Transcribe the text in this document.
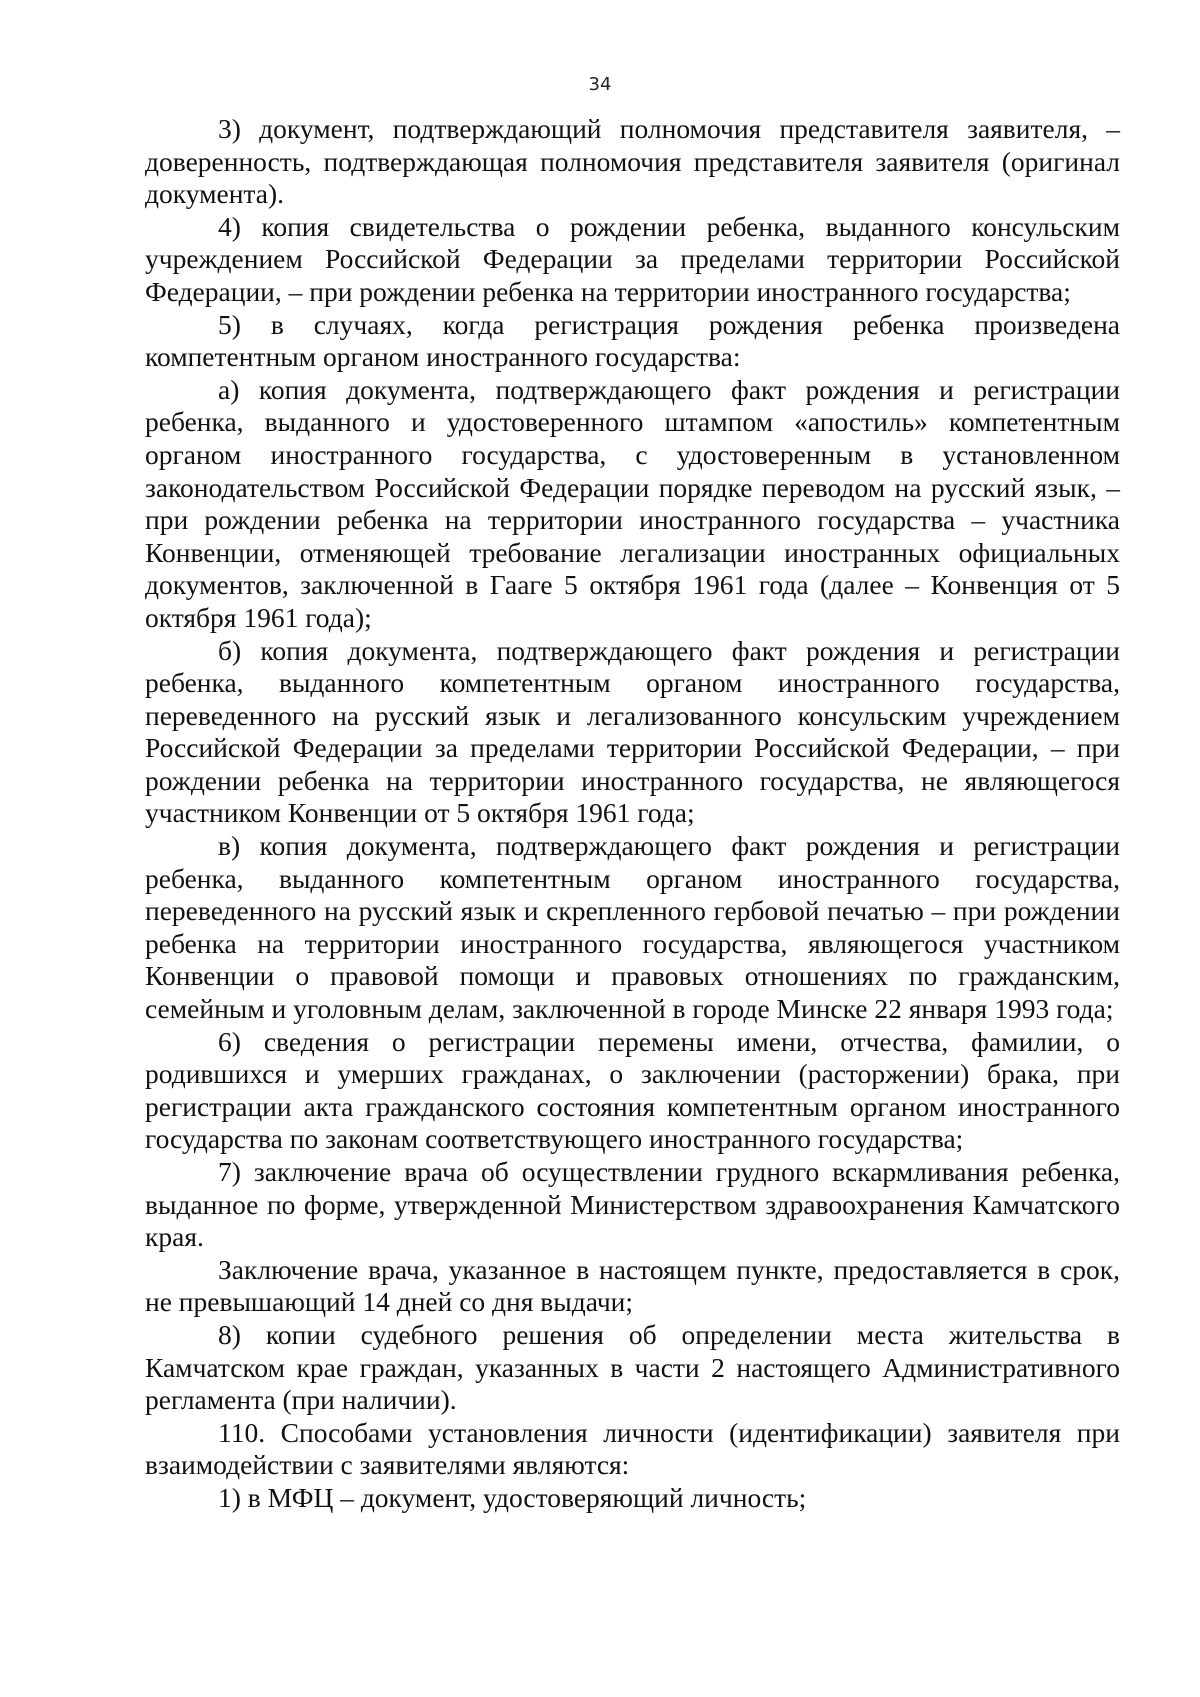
34

3) документ, подтверждающий полномочия представителя заявителя, – доверенность, подтверждающая полномочия представителя заявителя (оригинал документа).

4) копия свидетельства о рождении ребенка, выданного консульским учреждением Российской Федерации за пределами территории Российской Федерации, – при рождении ребенка на территории иностранного государства;

5) в случаях, когда регистрация рождения ребенка произведена компетентным органом иностранного государства:

а) копия документа, подтверждающего факт рождения и регистрации ребенка, выданного и удостоверенного штампом «апостиль» компетентным органом иностранного государства, с удостоверенным в установленном законодательством Российской Федерации порядке переводом на русский язык, – при рождении ребенка на территории иностранного государства – участника Конвенции, отменяющей требование легализации иностранных официальных документов, заключенной в Гааге 5 октября 1961 года (далее – Конвенция от 5 октября 1961 года);

б) копия документа, подтверждающего факт рождения и регистрации ребенка, выданного компетентным органом иностранного государства, переведенного на русский язык и легализованного консульским учреждением Российской Федерации за пределами территории Российской Федерации, – при рождении ребенка на территории иностранного государства, не являющегося участником Конвенции от 5 октября 1961 года;

в) копия документа, подтверждающего факт рождения и регистрации ребенка, выданного компетентным органом иностранного государства, переведенного на русский язык и скрепленного гербовой печатью – при рождении ребенка на территории иностранного государства, являющегося участником Конвенции о правовой помощи и правовых отношениях по гражданским, семейным и уголовным делам, заключенной в городе Минске 22 января 1993 года;

6) сведения о регистрации перемены имени, отчества, фамилии, о родившихся и умерших гражданах, о заключении (расторжении) брака, при регистрации акта гражданского состояния компетентным органом иностранного государства по законам соответствующего иностранного государства;

7) заключение врача об осуществлении грудного вскармливания ребенка, выданное по форме, утвержденной Министерством здравоохранения Камчатского края.

Заключение врача, указанное в настоящем пункте, предоставляется в срок, не превышающий 14 дней со дня выдачи;

8) копии судебного решения об определении места жительства в Камчатском крае граждан, указанных в части 2 настоящего Административного регламента (при наличии).

110. Способами установления личности (идентификации) заявителя при взаимодействии с заявителями являются:

1) в МФЦ – документ, удостоверяющий личность;
